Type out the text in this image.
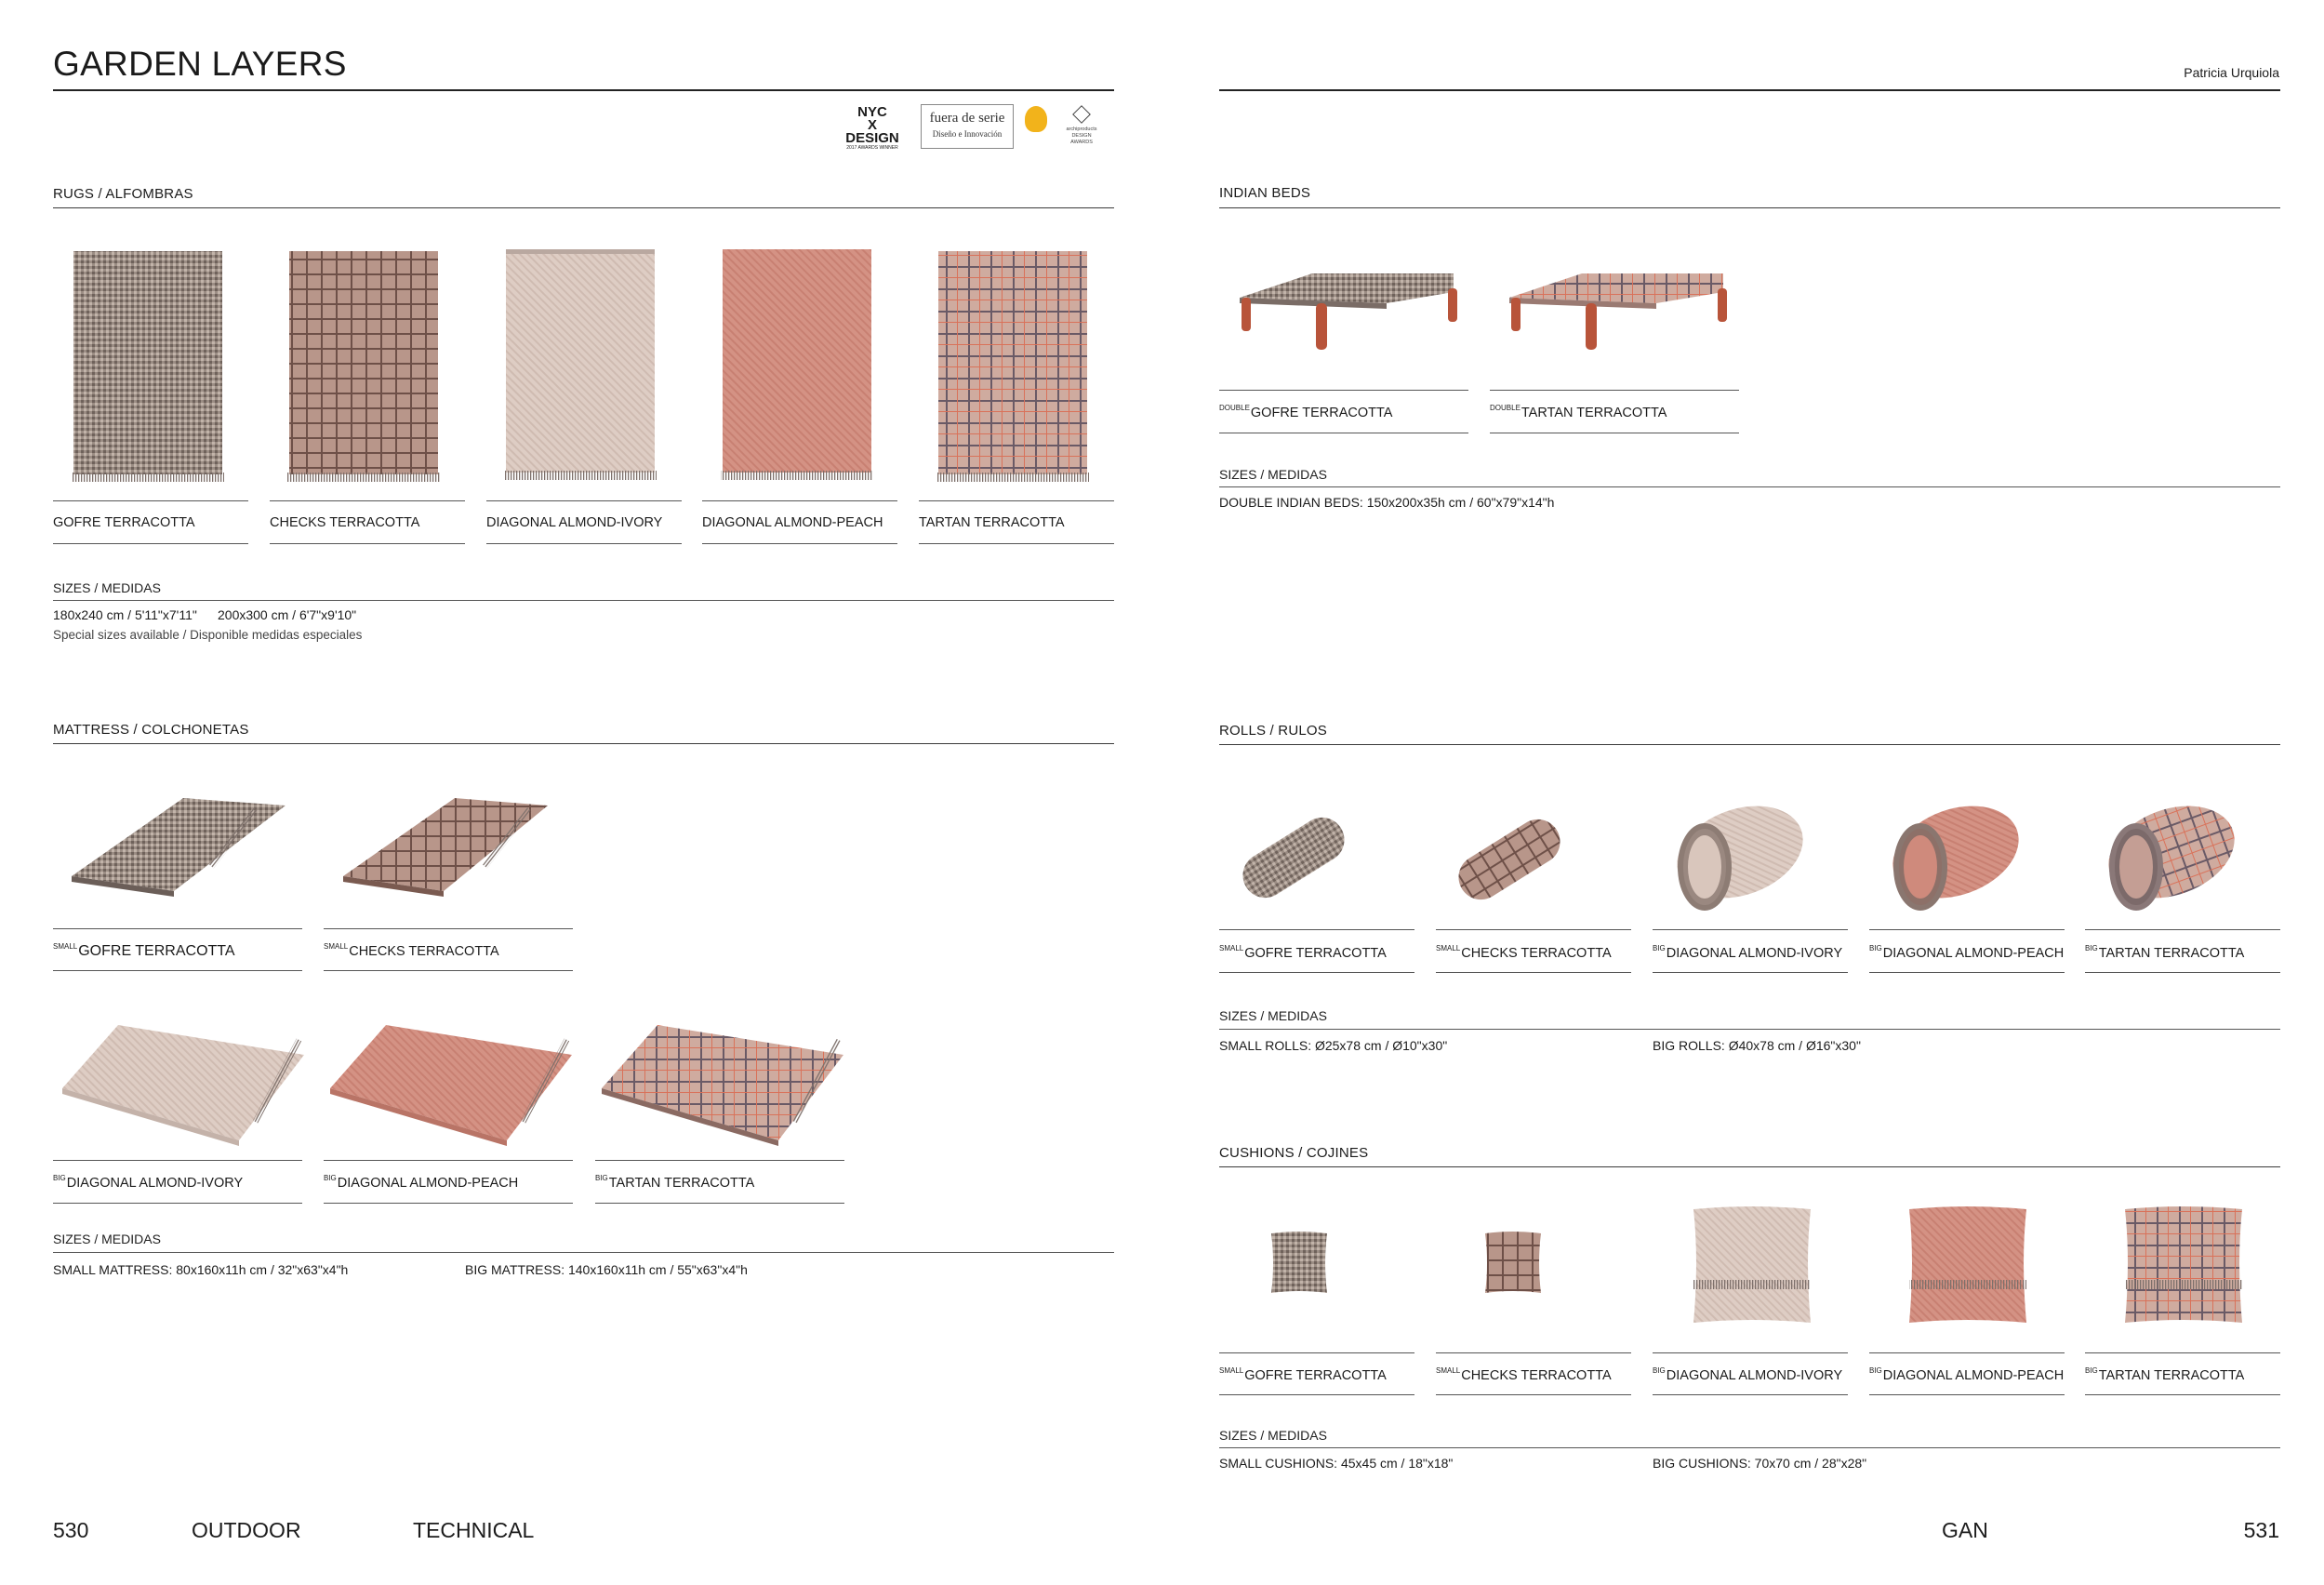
GARDEN LAYERS
NYC
X DESIGN
2017 AWARDS WINNER
fuera de serie
Diseño e Innovación	archiproducts DESIGN AWARDS
RUGS / ALFOMBRAS
GOFRE TERRACOTTA	CHECKS TERRACOTTA	DIAGONAL ALMOND-IVORY	DIAGONAL ALMOND-PEACH	TARTAN TERRACOTTA
SIZES / MEDIDAS
180x240 cm / 5'11"x7'11" 200x300 cm / 6'7"x9'10"
Special sizes available / Disponible medidas especiales
MATTRESS / COLCHONETAS
$^{SMALL}$GOFRE TERRACOTTA	$^{SMALL}$CHECKS TERRACOTTA
$^{BIG}$DIAGONAL ALMOND-IVORY	$^{BIG}$DIAGONAL ALMOND-PEACH	$^{BIG}$TARTAN TERRACOTTA
SIZES / MEDIDAS
SMALL MATTRESS: 80x160x11h cm / 32"x63"x4"h	BIG MATTRESS: 140x160x11h cm / 55"x63"x4"h
530	OUTDOOR	TECHNICAL
Patricia Urquiola
INDIAN BEDS
$^{DOUBLE}$GOFRE TERRACOTTA	$^{DOUBLE}$TARTAN TERRACOTTA
SIZES / MEDIDAS
DOUBLE INDIAN BEDS: 150x200x35h cm / 60"x79"x14"h
ROLLS / RULOS
$^{SMALL}$GOFRE TERRACOTTA	$^{SMALL}$CHECKS TERRACOTTA	$^{BIG}$DIAGONAL ALMOND-IVORY	$^{BIG}$DIAGONAL ALMOND-PEACH	$^{BIG}$TARTAN TERRACOTTA
SIZES / MEDIDAS
SMALL ROLLS: Ø25x78 cm / Ø10"x30"	BIG ROLLS: Ø40x78 cm / Ø16"x30"
CUSHIONS / COJINES
$^{SMALL}$GOFRE TERRACOTTA	$^{SMALL}$CHECKS TERRACOTTA	$^{BIG}$DIAGONAL ALMOND-IVORY	$^{BIG}$DIAGONAL ALMOND-PEACH	$^{BIG}$TARTAN TERRACOTTA
SIZES / MEDIDAS
SMALL CUSHIONS: 45x45 cm / 18"x18"	BIG CUSHIONS: 70x70 cm / 28"x28"
GAN	531
